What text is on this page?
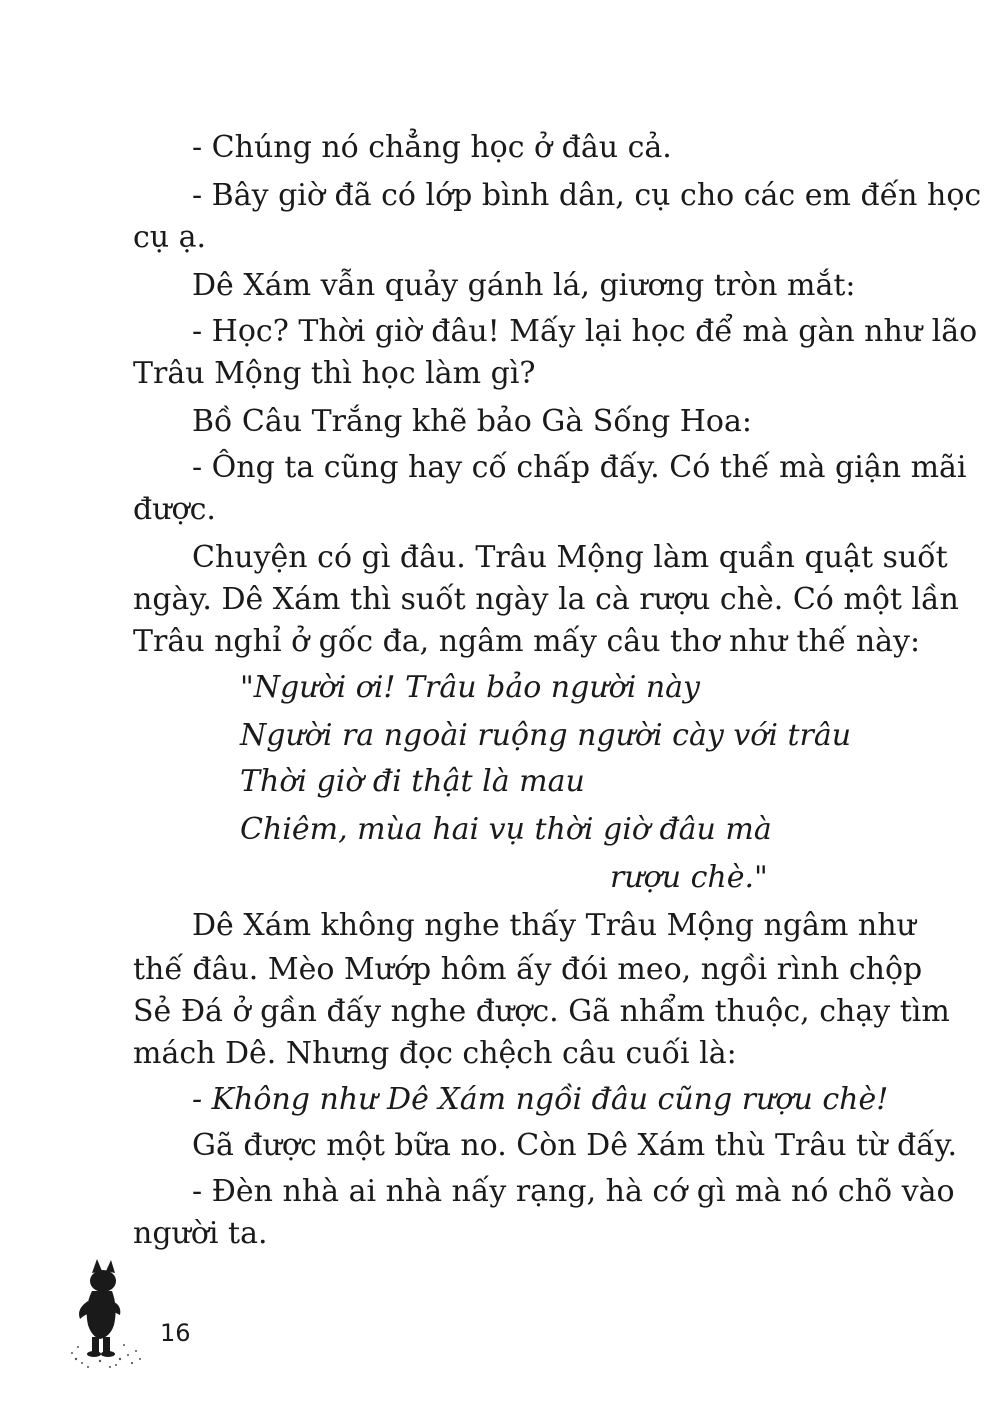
- Chúng nó chẳng học ở đâu cả.

- Bây giờ đã có lớp bình dân, cụ cho các em đến học

cụ ạ.

Dê Xám vẫn quảy gánh lá, giương tròn mắt:

- Học? Thời giờ đâu! Mấy lại học để mà gàn như lão

Trâu Mộng thì học làm gì?

Bồ Câu Trắng khẽ bảo Gà Sống Hoa:

- Ông ta cũng hay cố chấp đấy. Có thế mà giận mãi

được.

Chuyện có gì đâu. Trâu Mộng làm quần quật suốt

ngày. Dê Xám thì suốt ngày la cà rượu chè. Có một lần

Trâu nghỉ ở gốc đa, ngâm mấy câu thơ như thế này:

"Người ơi! Trâu bảo người này

Người ra ngoài ruộng người cày với trâu

Thời giờ đi thật là mau

Chiêm, mùa hai vụ thời giờ đâu mà

rượu chè."

Dê Xám không nghe thấy Trâu Mộng ngâm như

thế đâu. Mèo Mướp hôm ấy đói meo, ngồi rình chộp

Sẻ Đá ở gần đấy nghe được. Gã nhẩm thuộc, chạy tìm

mách Dê. Nhưng đọc chệch câu cuối là:

- Không như Dê Xám ngồi đâu cũng rượu chè!

Gã được một bữa no. Còn Dê Xám thù Trâu từ đấy.

- Đèn nhà ai nhà nấy rạng, hà cớ gì mà nó chõ vào

người ta.

16
